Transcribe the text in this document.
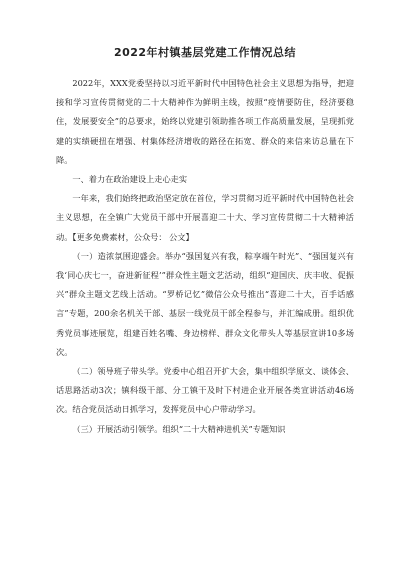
2022年村镇基层党建工作情况总结

2022年，XXX党委坚持以习近平新时代中国特色社会主义思想为指导，把迎接和学习宣传贯彻党的二十大精神作为鲜明主线，按照“疫情要防住，经济要稳住，发展要安全”的总要求，始终以党建引领助推各项工作高质量发展，呈现抓党建的实绩硬扭在增强、村集体经济增收的路径在拓宽、群众的来信来访总量在下降。

一、着力在政治建设上走心走实

一年来，我们始终把政治坚定放在首位，学习贯彻习近平新时代中国特色社会主义思想，在全镇广大党员干部中开展喜迎二十大、学习宣传贯彻二十大精神活动。【更多免费素材，公众号： 公文】

（一）造浓氛围迎盛会。举办“强国复兴有我，粽享端午时光”、“强国复兴有我‘同心庆七一，奋进新征程’”群众性主题文艺活动，组织“迎国庆、庆丰收、促振兴”群众主题文艺线上活动。“罗桥记忆”微信公众号推出“喜迎二十大，百手话感言”专题，200余名机关干部、基层一线党员干部全程参与，并汇编成册。组织优秀党员事迹展览，组建百姓名嘴、身边榜样、群众文化带头人等基层宣讲10多场次。

（二）领导班子带头学。党委中心组召开扩大会，集中组织学原文、谈体会、话思路活动3次；镇科级干部、分工镇干及时下村进企业开展各类宣讲活动46场次。结合党员活动日抓学习，发挥党员中心户带动学习。

（三）开展活动引领学。组织“二十大精神进机关”专题知识
